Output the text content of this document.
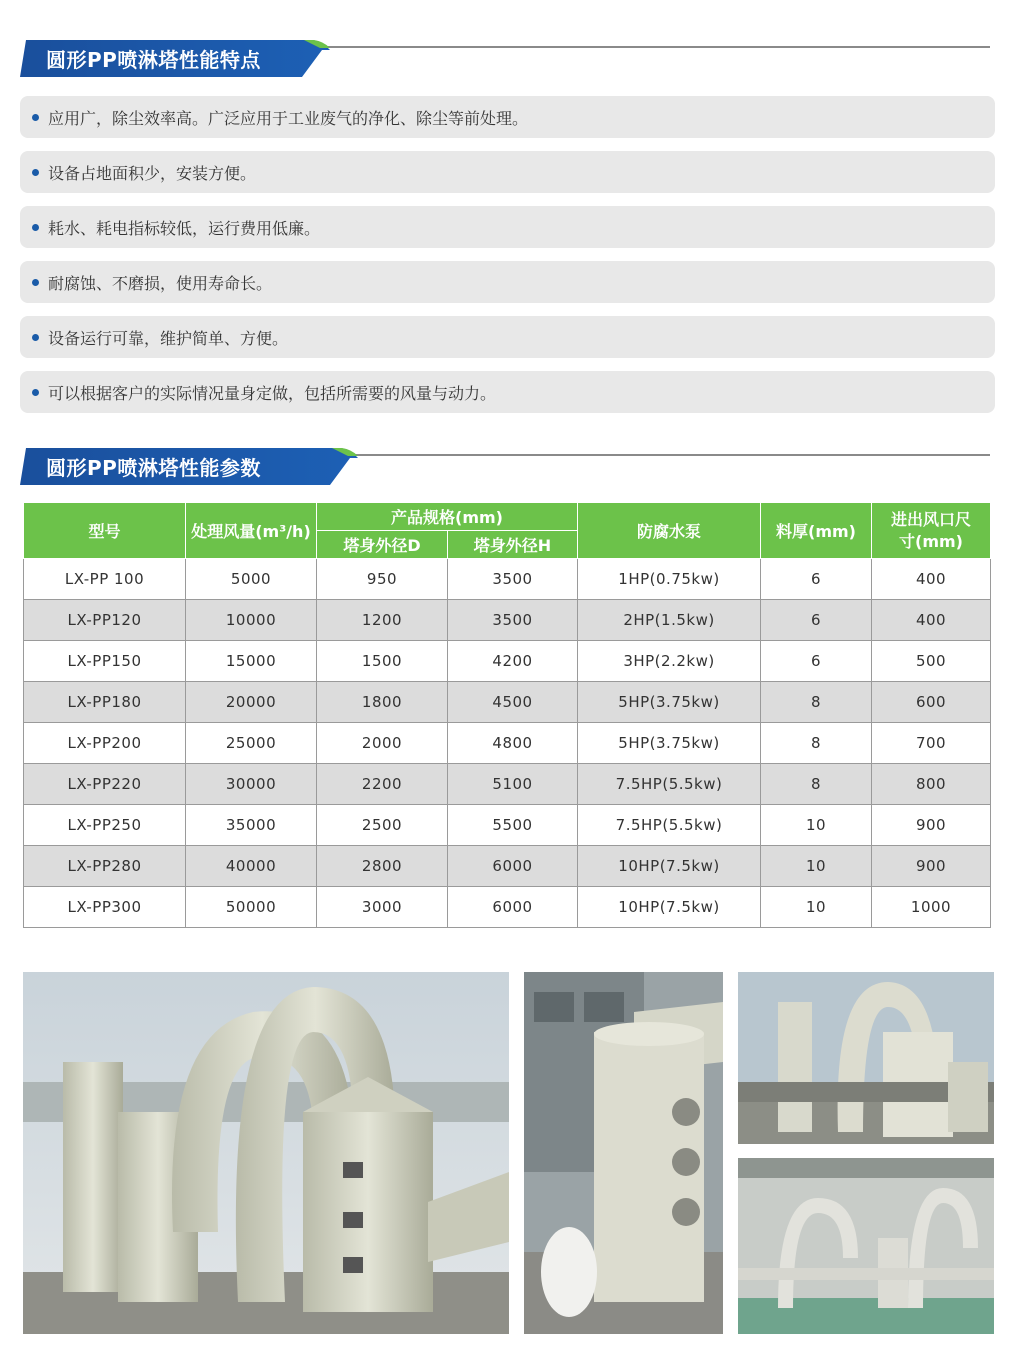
圆形PP喷淋塔性能特点
应用广，除尘效率高。广泛应用于工业废气的净化、除尘等前处理。
设备占地面积少，安装方便。
耗水、耗电指标较低，运行费用低廉。
耐腐蚀、不磨损，使用寿命长。
设备运行可靠，维护简单、方便。
可以根据客户的实际情况量身定做，包括所需要的风量与动力。
圆形PP喷淋塔性能参数
型号	处理风量(m³/h)	产品规格(mm)		防腐水泵	料厚(mm)	进出风口尺寸(mm)
		塔身外径D	塔身外径H			
LX-PP 100	5000	950	3500	1HP(0.75kw)	6	400
LX-PP120	10000	1200	3500	2HP(1.5kw)	6	400
LX-PP150	15000	1500	4200	3HP(2.2kw)	6	500
LX-PP180	20000	1800	4500	5HP(3.75kw)	8	600
LX-PP200	25000	2000	4800	5HP(3.75kw)	8	700
LX-PP220	30000	2200	5100	7.5HP(5.5kw)	8	800
LX-PP250	35000	2500	5500	7.5HP(5.5kw)	10	900
LX-PP280	40000	2800	6000	10HP(7.5kw)	10	900
LX-PP300	50000	3000	6000	10HP(7.5kw)	10	1000
